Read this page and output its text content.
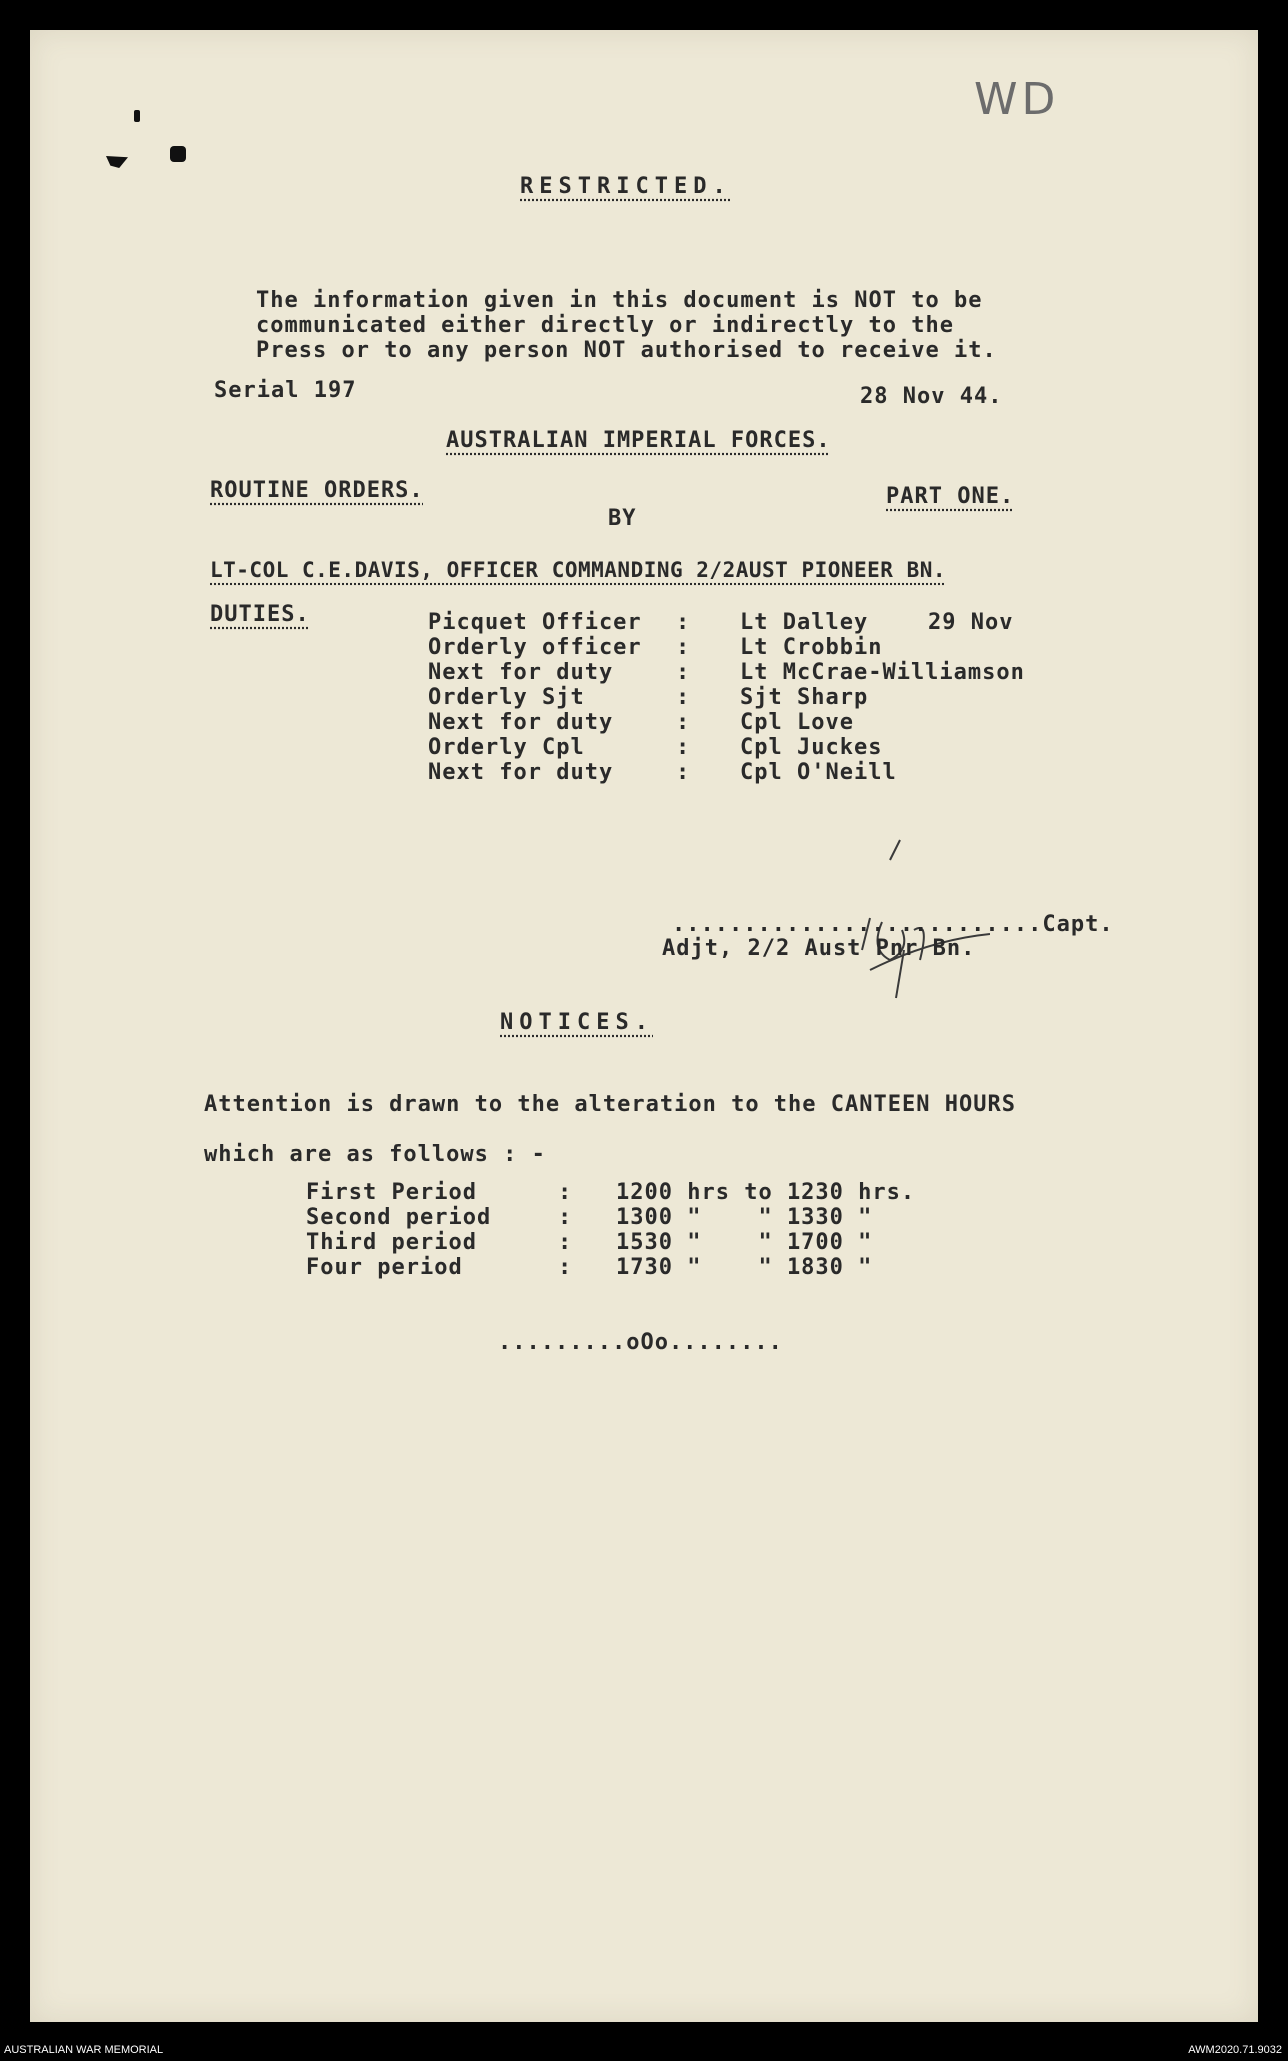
WD
RESTRICTED.
The information given in this document is NOT to be
communicated either directly or indirectly to the
Press or to any person NOT authorised to receive it.
Serial 197	28 Nov 44.
AUSTRALIAN IMPERIAL FORCES.
ROUTINE ORDERS.	PART ONE.
BY
LT-COL C.E.DAVIS, OFFICER COMMANDING 2/2AUST PIONEER BN.
DUTIES.	Picquet Officer : Lt Dalley	29 Nov
Orderly officer : Lt Crobbin
Next for duty	: Lt McCrae-Williamson
Orderly Sjt	: Sjt Sharp
Next for duty	: Cpl Love
Orderly Cpl	: Cpl Juckes
Next for duty	: Cpl O'Neill
..........................Capt.
Adjt, 2/2 Aust Pnr Bn.
NOTICES.
Attention is drawn to the alteration to the CANTEEN HOURS
which are as follows : -
First Period	: 1200 hrs to 1230 hrs.
Second period	: 1300 "    " 1330 "
Third period	: 1530 "    " 1700 "
Four period	: 1730 "    " 1830 "
.........oOo........
AUSTRALIAN WAR MEMORIAL	AWM2020.71.9032
